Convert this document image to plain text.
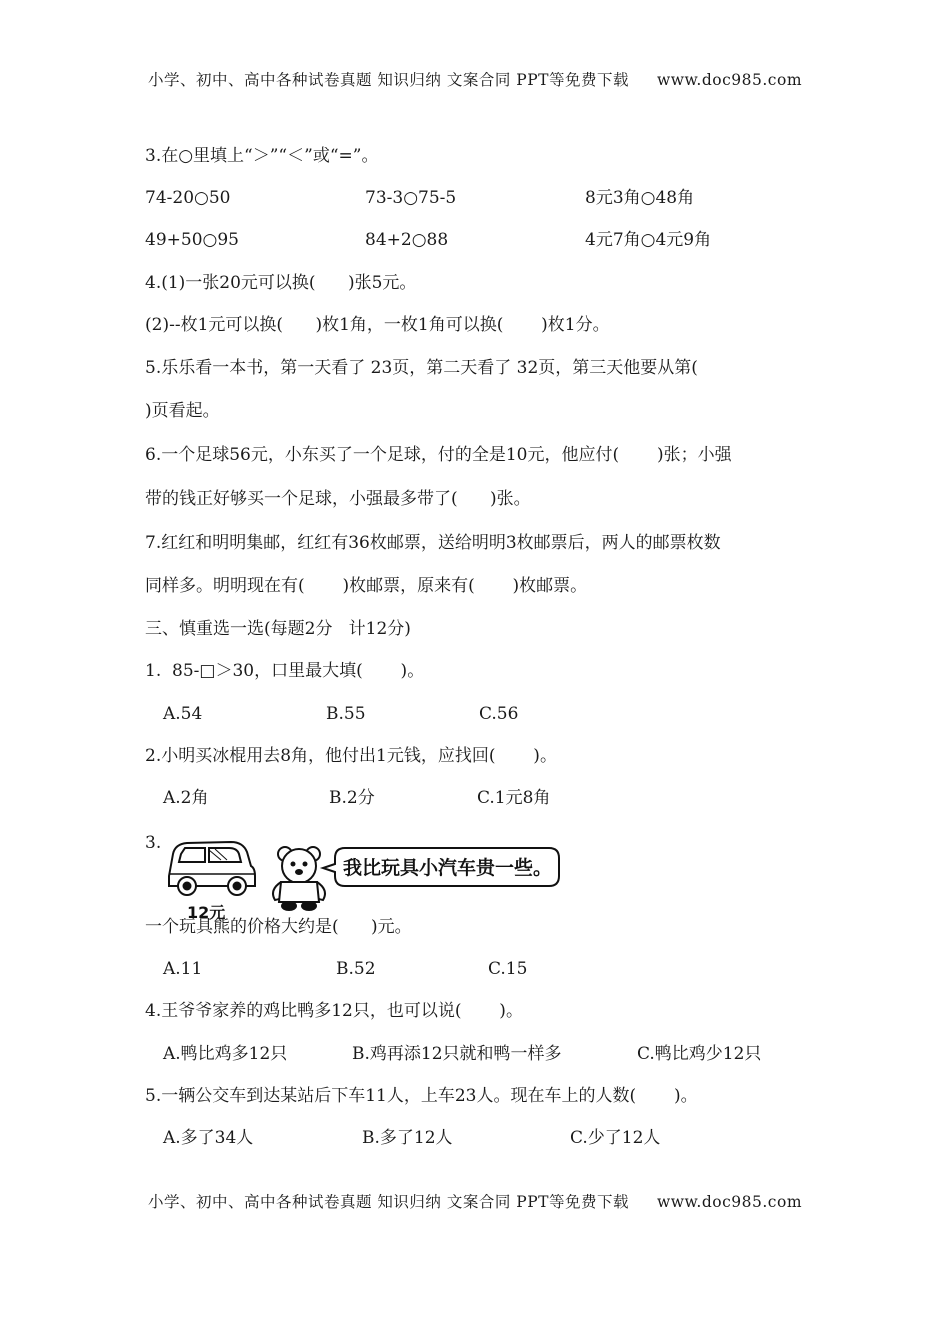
小学、初中、高中各种试卷真题 知识归纳 文案合同 PPT等免费下载 www.doc985.com
3.在○里填上“＞”“＜”或“=”。
74-20○50	73-3○75-5	8元3角○48角
49+50○95	84+2○88	4元7角○4元9角
4.(1)一张20元可以换(      )张5元。
(2)--枚1元可以换(      )枚1角，一枚1角可以换(       )枚1分。
5.乐乐看一本书，第一天看了 23页，第二天看了 32页，第三天他要从第(
)页看起。
6.一个足球56元，小东买了一个足球，付的全是10元，他应付(       )张；小强
带的钱正好够买一个足球，小强最多带了(      )张。
7.红红和明明集邮，红红有36枚邮票，送给明明3枚邮票后，两人的邮票枚数
同样多。明明现在有(       )枚邮票，原来有(       )枚邮票。
三、慎重选一选(每题2分   计12分)
1.  85-□＞30，口里最大填(       )。
A.54	B.55	C.56
2.小明买冰棍用去8角，他付出1元钱，应找回(       )。
A.2角	B.2分	C.1元8角
3.
12元
我比玩具小汽车贵一些。
一个玩具熊的价格大约是(      )元。
A.11	B.52	C.15
4.王爷爷家养的鸡比鸭多12只，也可以说(       )。
A.鸭比鸡多12只	B.鸡再添12只就和鸭一样多	C.鸭比鸡少12只
5.一辆公交车到达某站后下车11人，上车23人。现在车上的人数(       )。
A.多了34人	B.多了12人	C.少了12人
小学、初中、高中各种试卷真题 知识归纳 文案合同 PPT等免费下载 www.doc985.com
